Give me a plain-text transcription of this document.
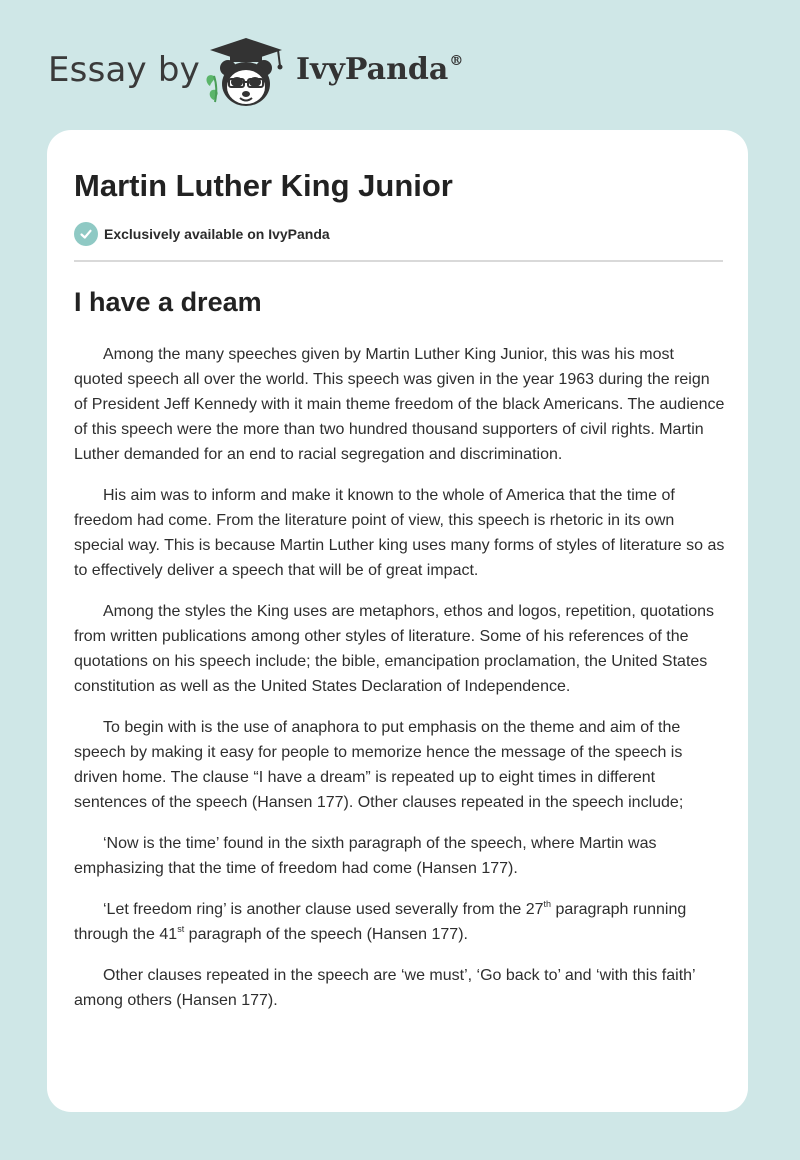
Essay by	IvyPanda®
Martin Luther King Junior
Exclusively available on IvyPanda
I have a dream

Among the many speeches given by Martin Luther King Junior, this was his most quoted speech all over the world. This speech was given in the year 1963 during the reign of President Jeff Kennedy with it main theme freedom of the black Americans. The audience of this speech were the more than two hundred thousand supporters of civil rights. Martin Luther demanded for an end to racial segregation and discrimination.

His aim was to inform and make it known to the whole of America that the time of freedom had come. From the literature point of view, this speech is rhetoric in its own special way. This is because Martin Luther king uses many forms of styles of literature so as to effectively deliver a speech that will be of great impact.

Among the styles the King uses are metaphors, ethos and logos, repetition, quotations from written publications among other styles of literature. Some of his references of the quotations on his speech include; the bible, emancipation proclamation, the United States constitution as well as the United States Declaration of Independence.

To begin with is the use of anaphora to put emphasis on the theme and aim of the speech by making it easy for people to memorize hence the message of the speech is driven home. The clause “I have a dream” is repeated up to eight times in different sentences of the speech (Hansen 177). Other clauses repeated in the speech include;

‘Now is the time’ found in the sixth paragraph of the speech, where Martin was emphasizing that the time of freedom had come (Hansen 177).

‘Let freedom ring’ is another clause used severally from the 27th paragraph running through the 41st paragraph of the speech (Hansen 177).

Other clauses repeated in the speech are ‘we must’, ‘Go back to’ and ‘with this faith’ among others (Hansen 177).
